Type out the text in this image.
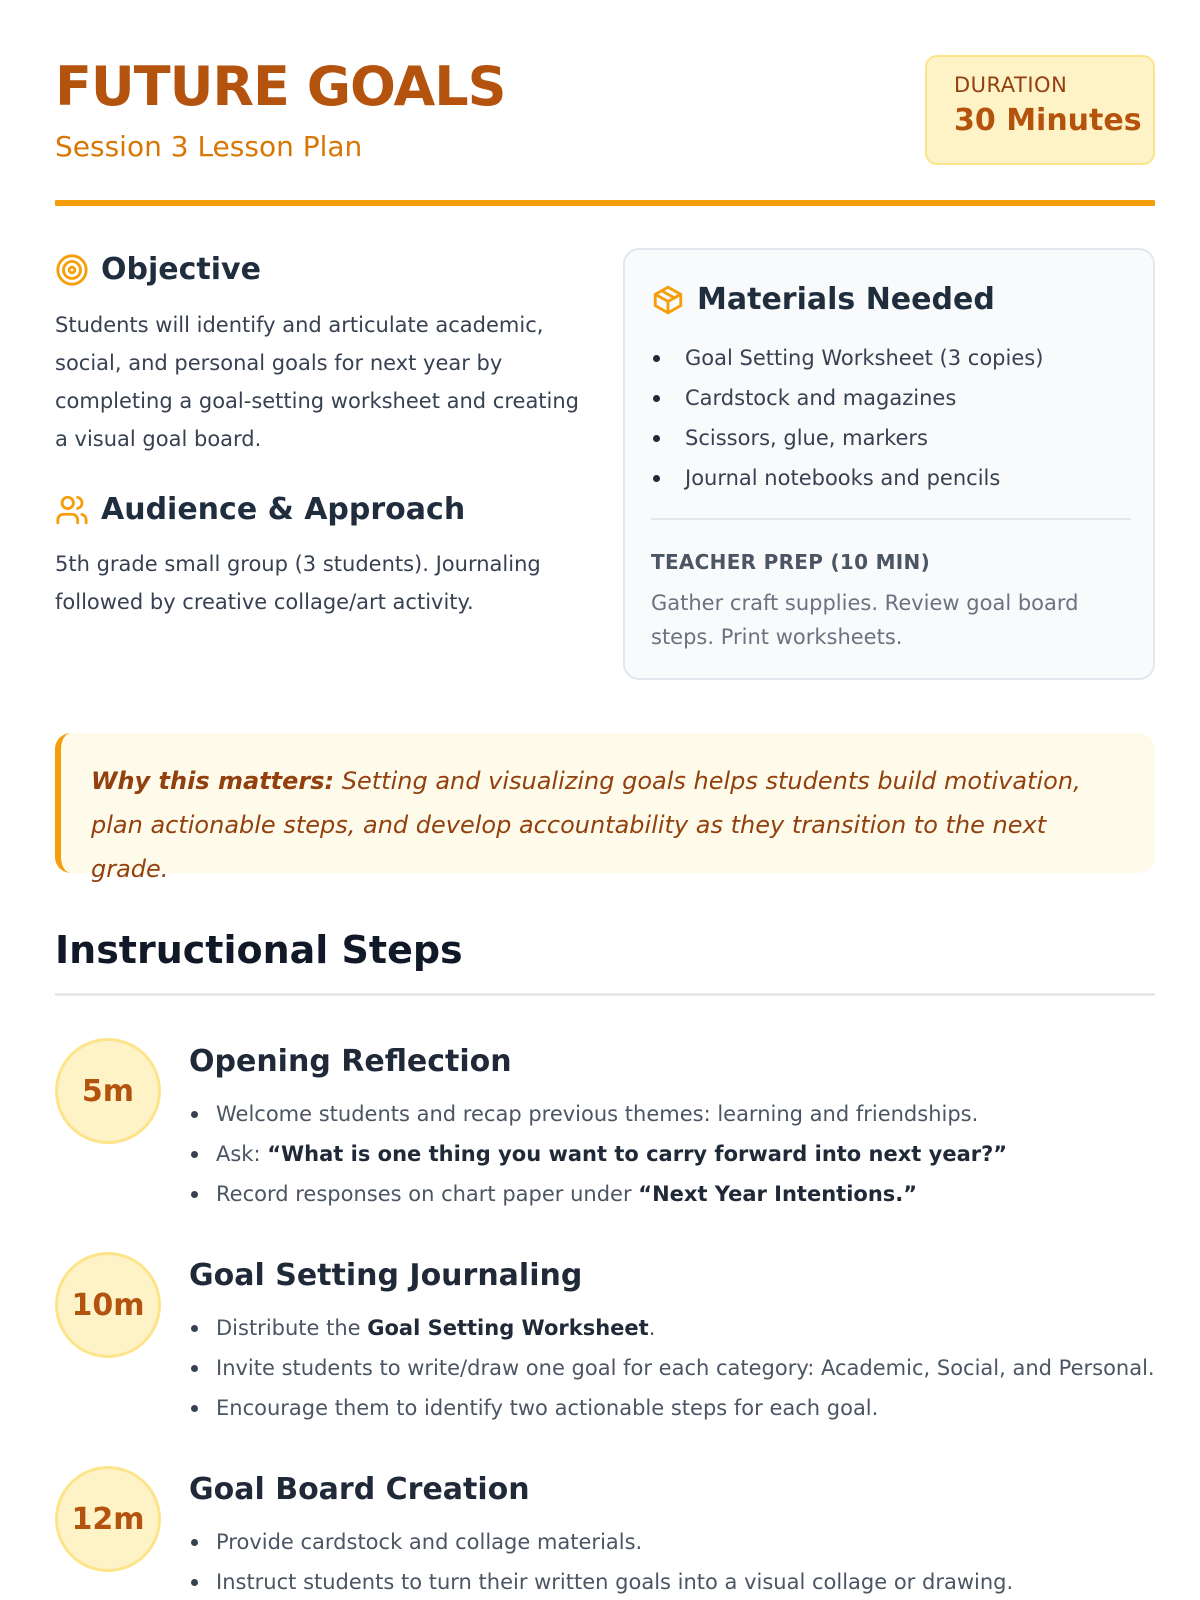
FUTURE GOALS
Session 3 Lesson Plan
DURATION
30 Minutes
Objective
Students will identify and articulate academic, social, and personal goals for next year by completing a goal-setting worksheet and creating a visual goal board.
Audience & Approach
5th grade small group (3 students). Journaling followed by creative collage/art activity.
Materials Needed
Goal Setting Worksheet (3 copies)
Cardstock and magazines
Scissors, glue, markers
Journal notebooks and pencils
TEACHER PREP (10 MIN)
Gather craft supplies. Review goal board steps. Print worksheets.
Why this matters: Setting and visualizing goals helps students build motivation, plan actionable steps, and develop accountability as they transition to the next grade.
Instructional Steps
5m
Opening Reflection
Welcome students and recap previous themes: learning and friendships.
Ask: “What is one thing you want to carry forward into next year?”
Record responses on chart paper under “Next Year Intentions.”
10m
Goal Setting Journaling
Distribute the Goal Setting Worksheet.
Invite students to write/draw one goal for each category: Academic, Social, and Personal.
Encourage them to identify two actionable steps for each goal.
12m
Goal Board Creation
Provide cardstock and collage materials.
Instruct students to turn their written goals into a visual collage or drawing.
